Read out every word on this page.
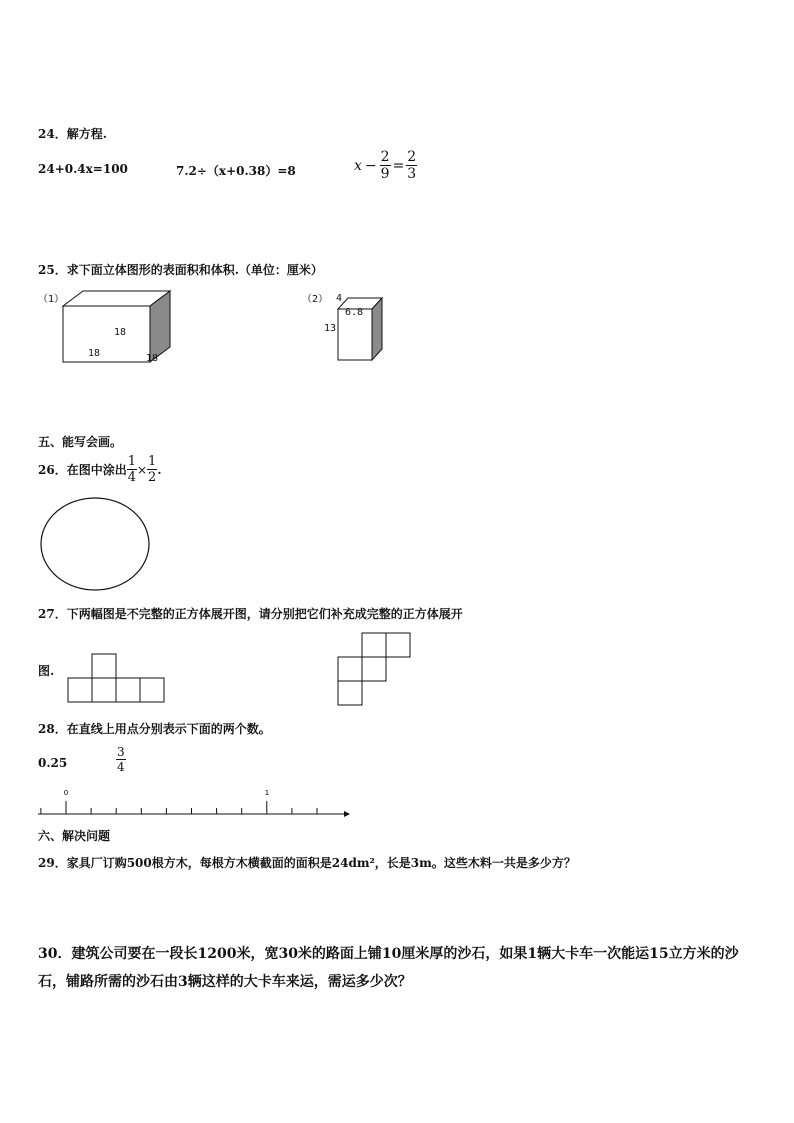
24．解方程.
24+0.4x=100	7.2÷（x+0.38）=8	$x - \frac{2}{9} = \frac{2}{3}$
25．求下面立体图形的表面积和体积.（单位：厘米）
（1）
18
18	18
（2） 4
6.8
13
五、能写会画。
26．在图中涂出 $\frac{1}{4} \times \frac{1}{2}$ .
27．下两幅图是不完整的正方体展开图，请分别把它们补充成完整的正方体展开
图.
28．在直线上用点分别表示下面的两个数。
0.25	$\frac{3}{4}$
0	1
六、解决问题
29．家具厂订购500根方木，每根方木横截面的面积是24dm²，长是3m。这些木料一共是多少方？
30．建筑公司要在一段长1200米，宽30米的路面上铺10厘米厚的沙石，如果1辆大卡车一次能运15立方米的沙石，铺路所需的沙石由3辆这样的大卡车来运，需运多少次？
